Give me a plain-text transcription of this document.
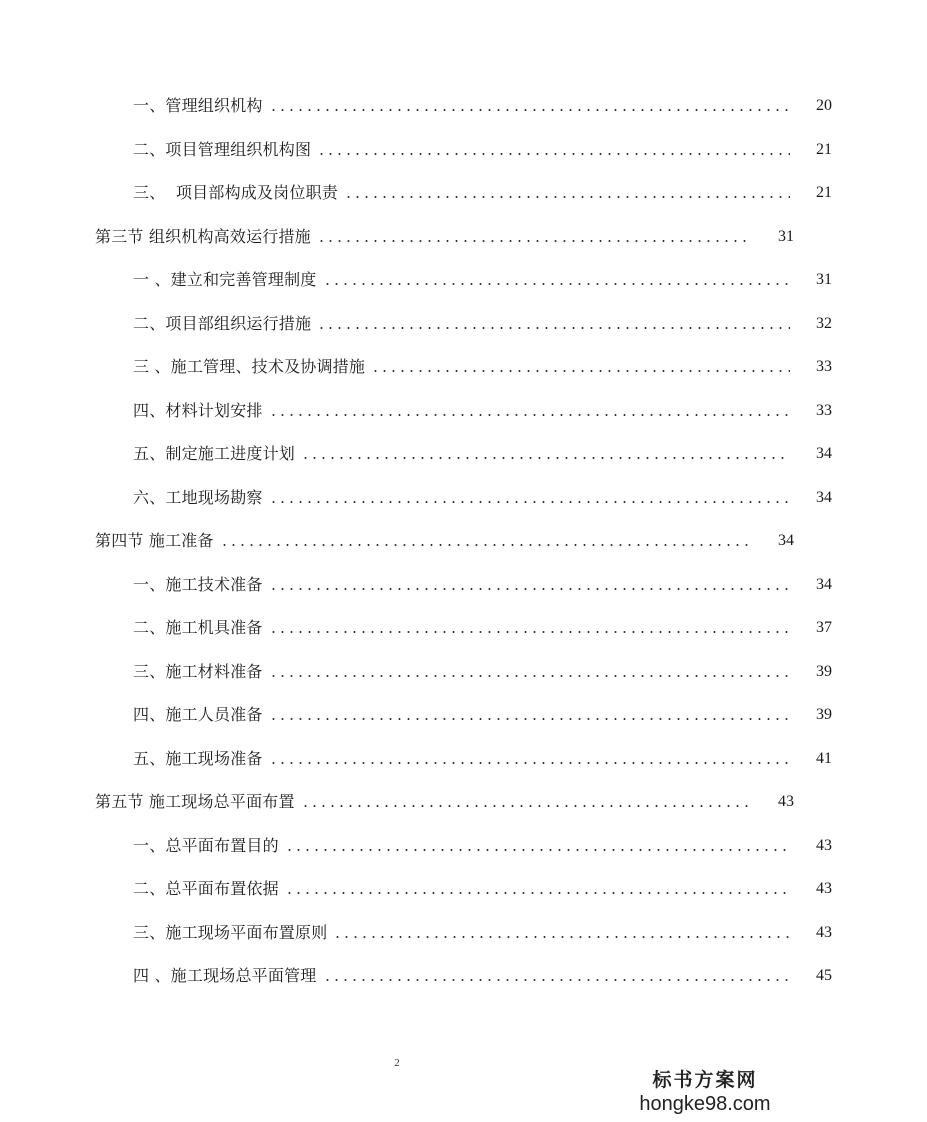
一、管理组织机构	20
二、项目管理组织机构图	21
三、  项目部构成及岗位职责	21
第三节 组织机构高效运行措施	31
一 、建立和完善管理制度	31
二、项目部组织运行措施	32
三 、施工管理、技术及协调措施	33
四、材料计划安排	33
五、制定施工进度计划	34
六、工地现场勘察	34
第四节 施工准备	34
一、施工技术准备	34
二、施工机具准备	37
三、施工材料准备	39
四、施工人员准备	39
五、施工现场准备	41
第五节 施工现场总平面布置	43
一、总平面布置目的	43
二、总平面布置依据	43
三、施工现场平面布置原则	43
四 、施工现场总平面管理	45
2
标书方案网
hongke98.com
